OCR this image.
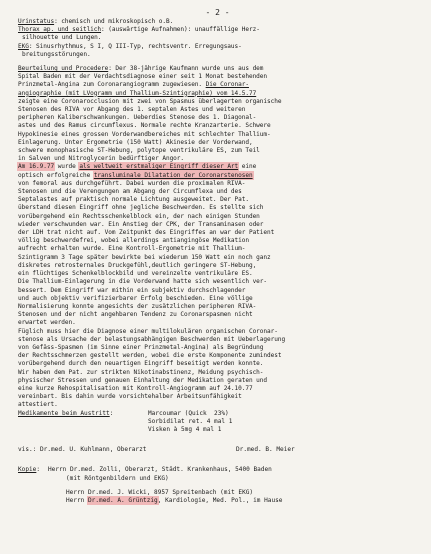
- 2 -
Urinstatus: chemisch und mikroskopisch o.B.
Thorax ap. und seitlich: (auswärtige Aufnahmen): unauffällige Herz-
silhouette und Lungen.
EKG: Sinusrhythmus, S I, Q III-Typ, rechtsventr. Erregungsaus-
breitungsstörungen.
Beurteilung und Procedere: Der 38-jährige Kaufmann wurde uns aus dem
Spital Baden mit der Verdachtsdiagnose einer seit 1 Monat bestehenden
Prinzmetal-Angina zum Coronarangiogramm zugewiesen. Die Coronar-
angiographie (mit LVogramm und Thallium-Szintigraphie) vom 14.5.77
zeigte eine Coronarocclusion mit zwei von Spasmus überlagerten organische
Stenosen des RIVA vor Abgang des 1. septalen Astes und weiteren
peripheren Kaliberschwankungen. Ueberdies Stenose des 1. Diagonal-
astes und des Ramus circumflexus. Normale rechte Kranzarterie. Schwere
Hypokinesie eines grossen Vorderwandbereiches mit schlechter Thallium-
Einlagerung. Unter Ergometrie (150 Watt) Akinesie der Vorderwand,
schwere monophasische ST-Hebung, polytope ventrikuläre ES, zum Teil
in Salven und Nitroglycerin bedürftiger Angor.
Am 16.9.77 wurde als weltweit erstmaliger Eingriff dieser Art eine
optisch erfolgreiche transluminale Dilatation der Coronarstenosen
von femoral aus durchgeführt. Dabei wurden die proximalen RIVA-
Stenosen und die Verengungen am Abgang der Circumflexa und des
Septalastes auf praktisch normale Lichtung ausgeweitet. Der Pat.
überstand diesen Eingriff ohne jegliche Beschwerden. Es stellte sich
vorübergehend ein Rechtsschenkelblock ein, der nach einigen Stunden
wieder verschwunden war. Ein Anstieg der CPK, der Transaminasen oder
der LDH trat nicht auf. Vom Zeitpunkt des Eingriffes an war der Patient
völlig beschwerdefrei, wobei allerdings antiangingöse Medikation
aufrecht erhalten wurde. Eine Kontroll-Ergometrie mit Thallium-
Szintigramm 3 Tage später bewirkte bei wiederum 150 Watt ein noch ganz
diskretes retrosternales Druckgefühl,deutlich geringere ST-Hebung,
ein flüchtiges Schenkelblockbild und vereinzelte ventrikuläre ES.
Die Thallium-Einlagerung in die Vorderwand hatte sich wesentlich ver-
bessert. Dem Eingriff war mithin ein subjektiv durchschlagender
und auch objektiv verifizierbarer Erfolg beschieden. Eine völlige
Normalisierung konnte angesichts der zusätzlichen peripheren RIVA-
Stenosen und der nicht angehbaren Tendenz zu Coronarspasmen nicht
erwartet werden.
Füglich muss hier die Diagnose einer multilokulären organischen Coronar-
stenose als Ursache der belastungsabhängigen Beschwerden mit Ueberlagerung
von Gefäss-Spasmen (im Sinne einer Prinzmetal-Angina) als Begründung
der Rechtsschmerzen gestellt werden, wobei die erste Komponente zumindest
vorübergehend durch den neuartigen Eingriff beseitigt werden konnte.
Wir haben dem Pat. zur strikten Nikotinabstinenz, Meidung psychisch-
physischer Stressen und genauen Einhaltung der Medikation geraten und
eine kurze Rehospitalisation mit Kontroll-Angiogramm auf 24.10.77
vereinbart. Bis dahin wurde vorsichtehalber Arbeitsunfähigkeit
attestiert.
Medikamente beim Austritt:	Marcoumar (Quick  23%)
Sorbidilat ret. 4 mal 1
Visken à 5mg 4 mal 1
vis.: Dr.med. U. Kuhlmann, Oberarzt	Dr.med. B. Meier
Kopie:	Herrn Dr.med. Zolli, Oberarzt, Städt. Krankenhaus, 5400 Baden
(mit Röntgenbildern und EKG)
Herrn Dr.med. J. Wicki, 8957 Spreitenbach (mit EKG)
Herrn Dr.med. A. Grüntzig, Kardiologie, Med. Pol., im Hause
